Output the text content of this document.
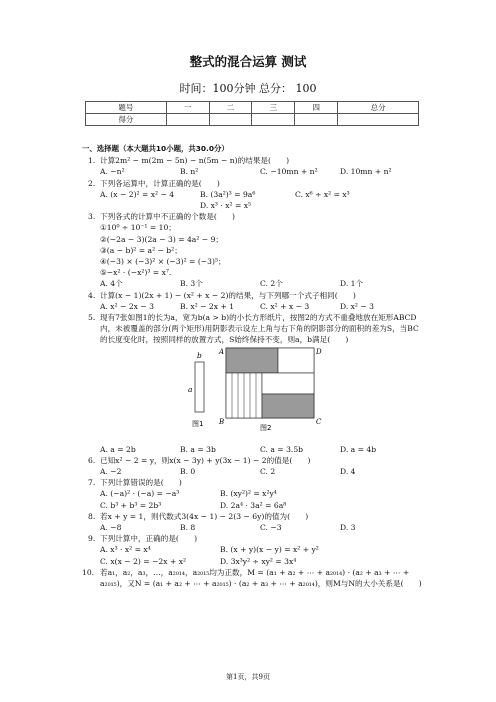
整式的混合运算 测试
时间：100分钟 总分： 100
题号	一	二	三	四	总分
得分					
一、选择题（本大题共10小题，共30.0分）
1. 计算2m² − m(2m − 5n) − n(5m − n)的结果是(　　)
A. −n²	B. n²	C. −10mn + n²	D. 10mn + n²
2. 下列各运算中，计算正确的是(　　)
A. (x − 2)² = x² − 4	B. (3a²)³ = 9a⁶	C. x⁶ ÷ x² = x³
D. x³ · x² = x⁵
3. 下列各式的计算中不正确的个数是(　　)
①10⁰ ÷ 10⁻¹ = 10；
②(−2a − 3)(2a − 3) = 4a² − 9；
③(a − b)² = a² − b²；
④(−3) × (−3)² × (−3)² = (−3)⁵；
⑤−x² · (−x²)³ = x⁷.
A. 4个	B. 3个	C. 2个	D. 1个
4. 计算(x − 1)(2x + 1) − (x² + x − 2)的结果，与下列哪一个式子相同(　　)
A. x² − 2x − 3	B. x² − 2x + 1	C. x² + x − 3	D. x² − 3
5. 现有7张如图1的长为a，宽为b(a > b)的小长方形纸片，按图2的方式不重叠地放在矩形ABCD内，未被覆盖的部分(两个矩形)用阴影表示设左上角与右下角的阴影部分的面积的差为S，当BC的长度变化时，按照同样的放置方式，S始终保持不变，则a，b满足(　　)
a
b
图1
A	D
B	C
图2
A. a = 2b	B. a = 3b	C. a = 3.5b	D. a = 4b
6. 已知x² − 2 = y，则x(x − 3y) + y(3x − 1) − 2的值是(　　)
A. −2	B. 0	C. 2	D. 4
7. 下列计算错误的是(　　)
A. (−a)² · (−a) = −a³	B. (xy²)² = x²y⁴
C. b³ + b³ = 2b³	D. 2a⁴ · 3a² = 6a⁸
8. 若x + y = 1，则代数式3(4x − 1) − 2(3 − 6y)的值为(　　)
A. −8	B. 8	C. −3	D. 3
9. 下列计算中，正确的是(　　)
A. x³ · x² = x⁴	B. (x + y)(x − y) = x² + y²
C. x(x − 2) = −2x + x²	D. 3x³y² ÷ xy² = 3x⁴
10. 若a₁，a₂，a₃，…，a₂₀₁₄，a₂₀₁₅均为正数，M = (a₁ + a₂ + ⋯ + a₂₀₁₄) · (a₂ + a₃ + ⋯ + a₂₀₁₅)，又N = (a₁ + a₂ + ⋯ + a₂₀₁₅) · (a₂ + a₃ + ⋯ + a₂₀₁₄)，则M与N的大小关系是(　　)
第1页，共9页
